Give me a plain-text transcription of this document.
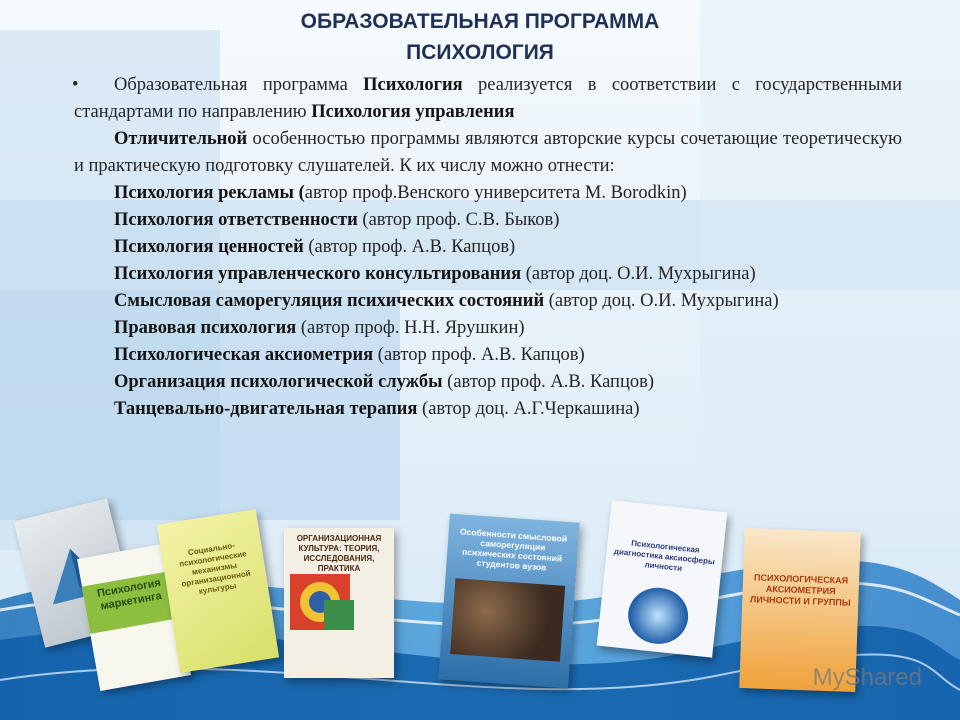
ОБРАЗОВАТЕЛЬНАЯ ПРОГРАММА
ПСИХОЛОГИЯ

• Образовательная программа Психология реализуется в соответствии с государственными стандартами по направлению Психология управления

Отличительной особенностью программы являются авторские курсы сочетающие теоретическую и практическую подготовку слушателей. К их числу можно отнести:

Психология рекламы (автор проф.Венского университета M. Borodkin)

Психология ответственности (автор проф. С.В. Быков)

Психология ценностей (автор проф. А.В. Капцов)

Психология управленческого консультирования (автор доц. О.И. Мухрыгина)

Смысловая саморегуляция психических состояний (автор доц. О.И. Мухрыгина)

Правовая психология (автор проф. Н.Н. Ярушкин)

Психологическая аксиометрия (автор проф. А.В. Капцов)

Организация психологической службы (автор проф. А.В. Капцов)

Танцевально-двигательная терапия (автор доц. А.Г.Черкашина)

Психология маркетинга
Социально-психологические механизмы организационной культуры
ОРГАНИЗАЦИОННАЯ КУЛЬТУРА: ТЕОРИЯ, ИССЛЕДОВАНИЯ, ПРАКТИКА
Особенности смысловой саморегуляции психических состояний студентов вузов
Психологическая диагностика аксиосферы личности
ПСИХОЛОГИЧЕСКАЯ АКСИОМЕТРИЯ ЛИЧНОСТИ И ГРУППЫ
MyShared
